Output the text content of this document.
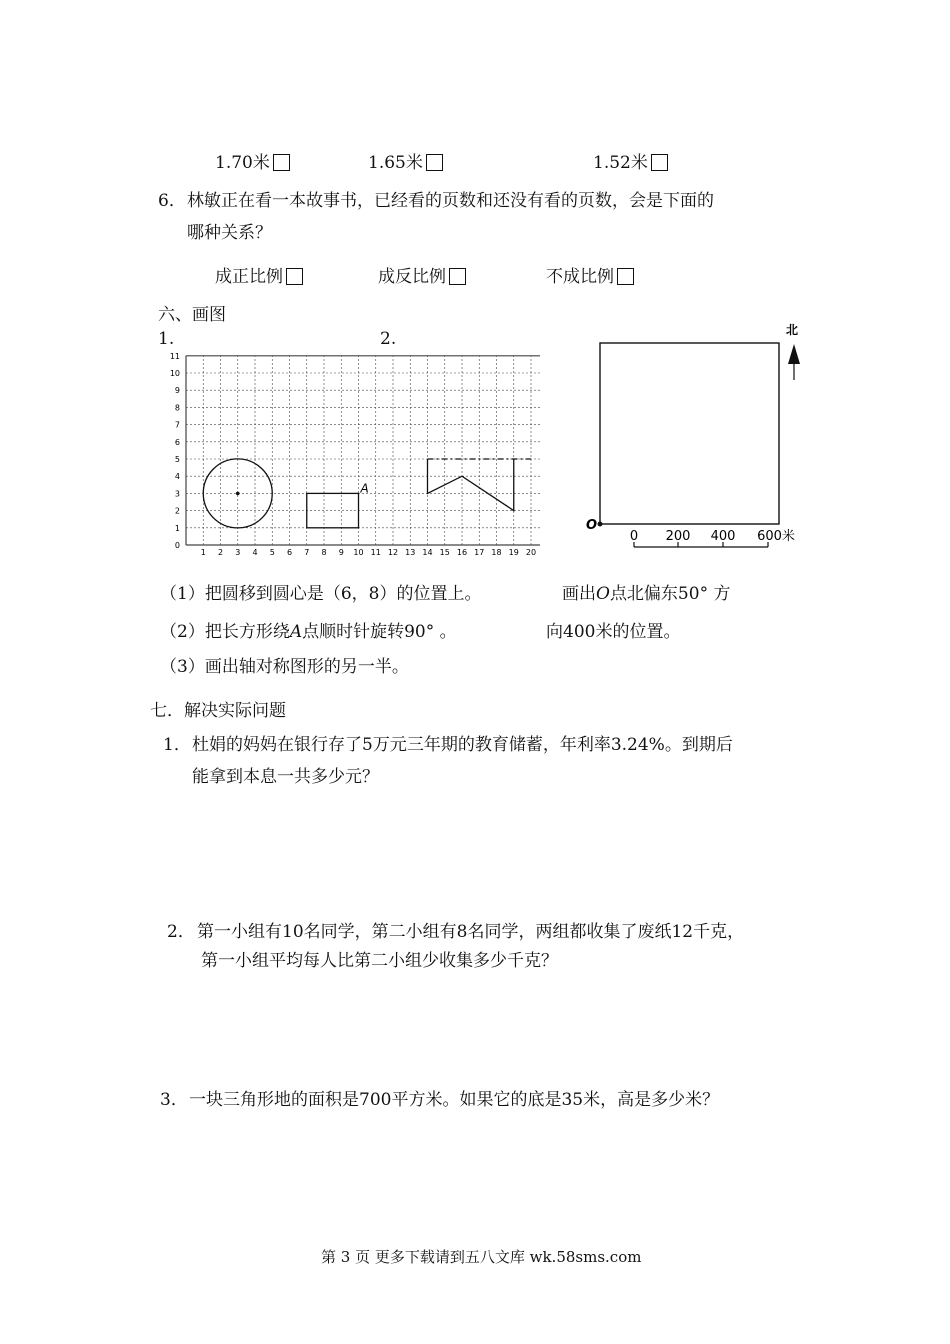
1.70米	1.65米	1.52米
6． 林敏正在看一本故事书，已经看的页数和还没有看的页数，会是下面的
哪种关系？
成正比例	成反比例	不成比例
六、画图
1.	2.
0
1
2
3
4
5
6
7
8
9
10
11
1 2 3 4 5 6 7 8 9 10 11 12 13 14 15 16 17 18 19 20
A
O
北
0 200 400 600米
（1）把圆移到圆心是（6，8）的位置上。
（2）把长方形绕A点顺时针旋转90° 。
（3）画出轴对称图形的另一半。
画出O点北偏东50° 方
向400米的位置。
七．解决实际问题
1． 杜娟的妈妈在银行存了5万元三年期的教育储蓄，年利率3.24%。到期后
能拿到本息一共多少元？
2． 第一小组有10名同学，第二小组有8名同学，两组都收集了废纸12千克，
第一小组平均每人比第二小组少收集多少千克？
3． 一块三角形地的面积是700平方米。如果它的底是35米，高是多少米？
第 3 页 更多下载请到五八文库 wk.58sms.com
